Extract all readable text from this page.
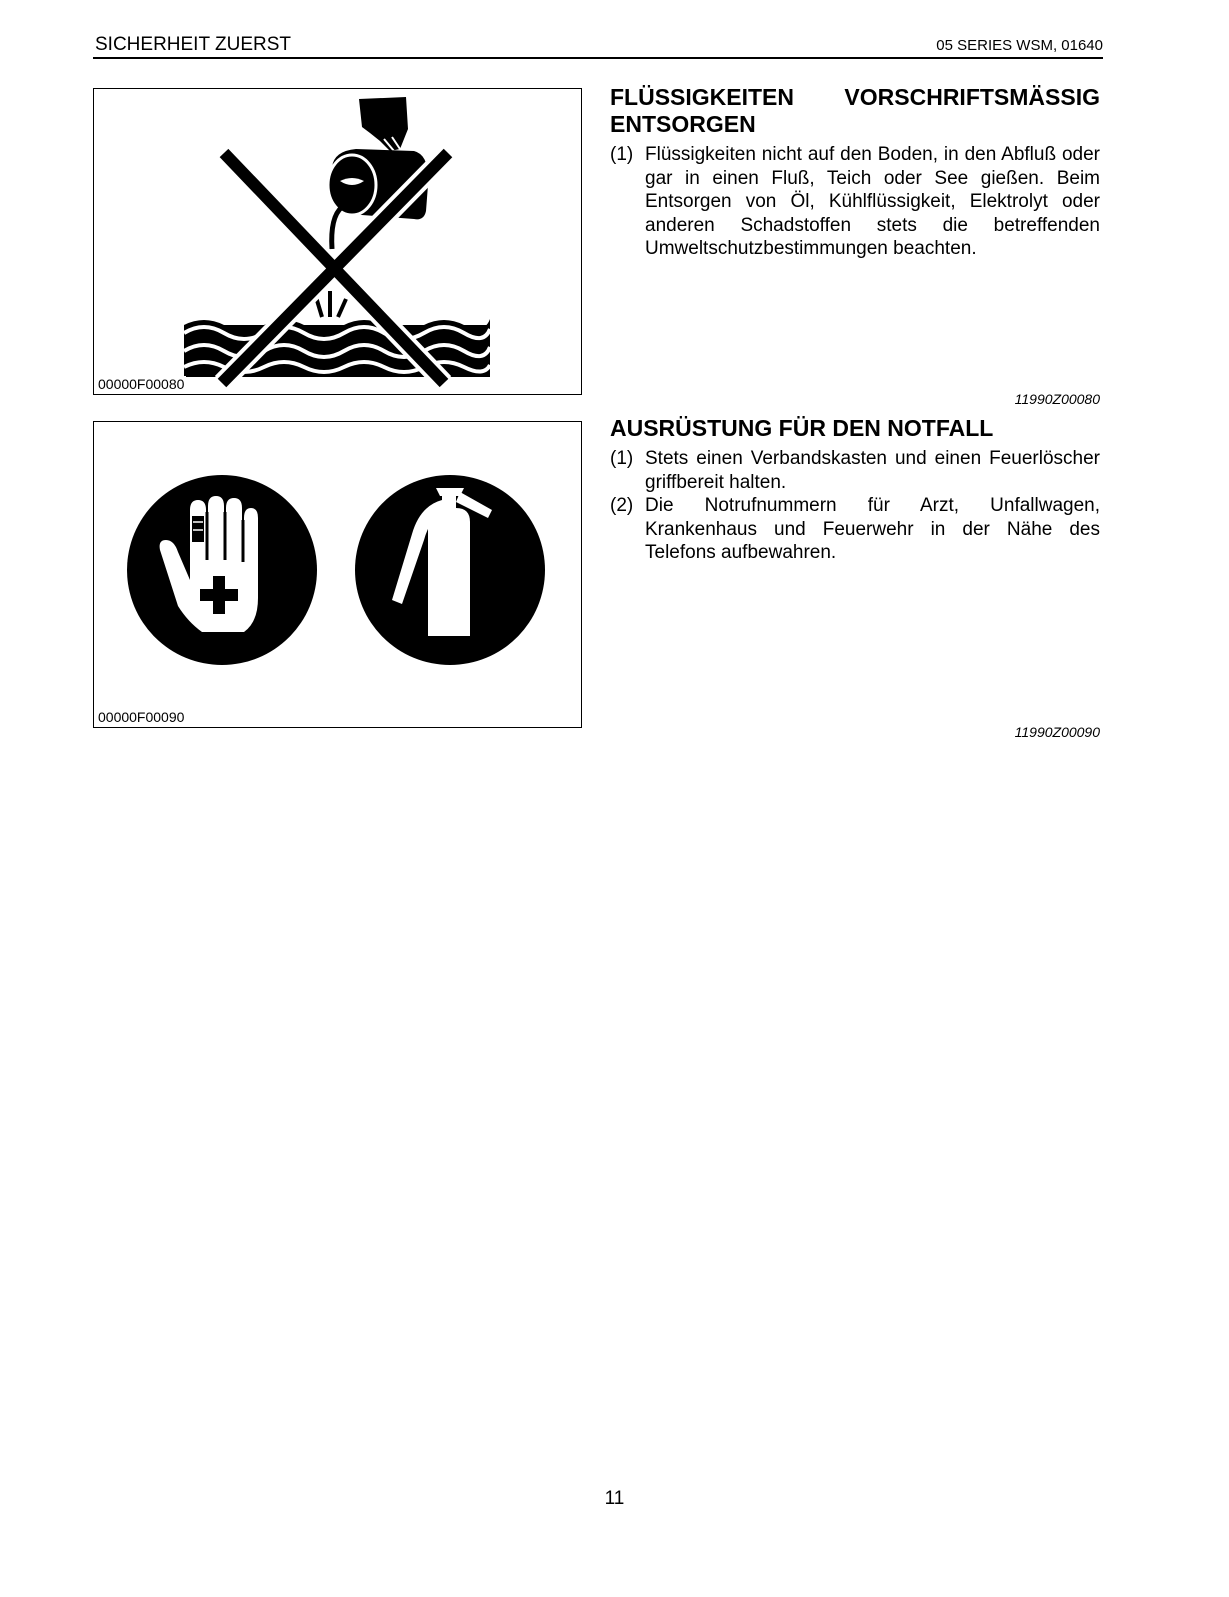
SICHERHEIT ZUERST	05 SERIES WSM, 01640
00000F00080
00000F00090
FLÜSSIGKEITEN VORSCHRIFTSMÄSSIG
ENTSORGEN
(1) Flüssigkeiten nicht auf den Boden, in den Abfluß oder gar in einen Fluß, Teich oder See gießen. Beim Entsorgen von Öl, Kühlflüssigkeit, Elektrolyt oder anderen Schadstoffen stets die betreffenden Umweltschutzbestimmungen beachten.
11990Z00080
AUSRÜSTUNG FÜR DEN NOTFALL
(1) Stets einen Verbandskasten und einen Feuerlöscher griffbereit halten.
(2) Die Notrufnummern für Arzt, Unfallwagen, Krankenhaus und Feuerwehr in der Nähe des Telefons aufbewahren.
11990Z00090
11
